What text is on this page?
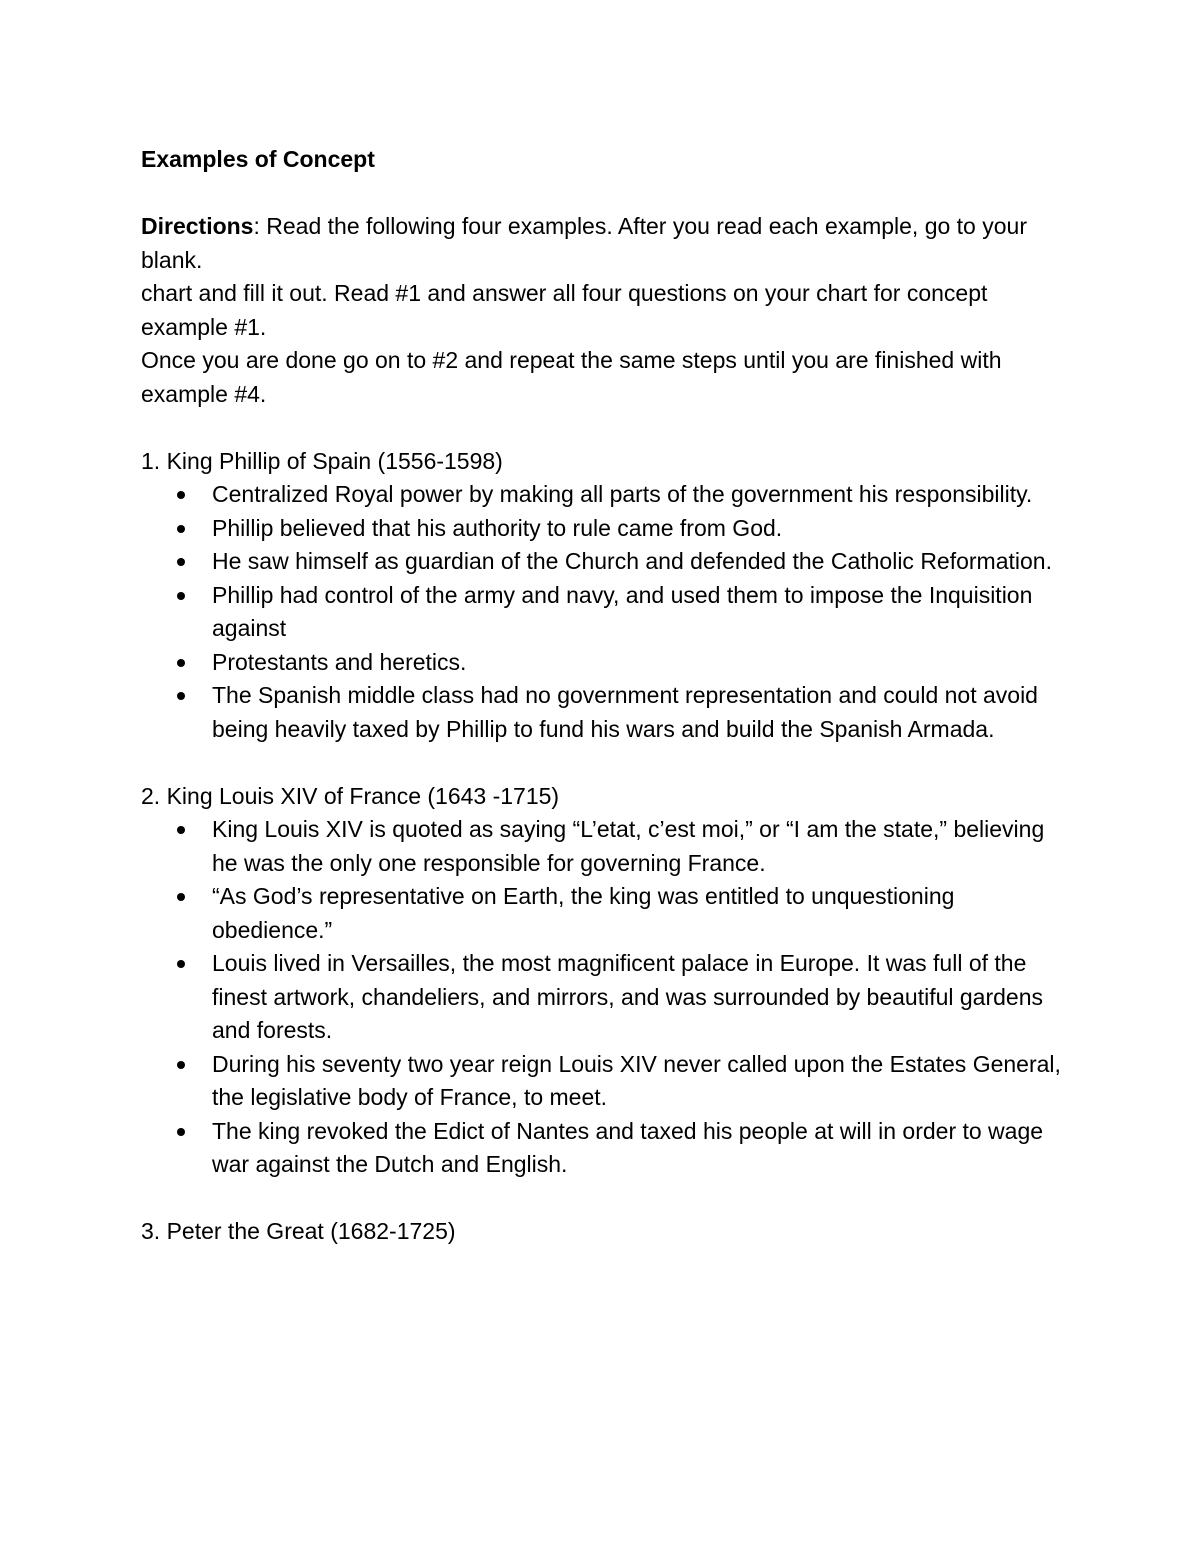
Examples of Concept

Directions: Read the following four examples. After you read each example, go to your blank.

chart and fill it out. Read #1 and answer all four questions on your chart for concept example #1.

Once you are done go on to #2 and repeat the same steps until you are finished with example #4.

1. King Phillip of Spain (1556-1598)

Centralized Royal power by making all parts of the government his responsibility.
Phillip believed that his authority to rule came from God.
He saw himself as guardian of the Church and defended the Catholic Reformation.
Phillip had control of the army and navy, and used them to impose the Inquisition against
Protestants and heretics.
The Spanish middle class had no government representation and could not avoid being heavily taxed by Phillip to fund his wars and build the Spanish Armada.

2. King Louis XIV of France (1643 -1715)

King Louis XIV is quoted as saying “L’etat, c’est moi,” or “I am the state,” believing he was the only one responsible for governing France.
“As God’s representative on Earth, the king was entitled to unquestioning obedience.”
Louis lived in Versailles, the most magnificent palace in Europe. It was full of the finest artwork, chandeliers, and mirrors, and was surrounded by beautiful gardens and forests.
During his seventy two year reign Louis XIV never called upon the Estates General, the legislative body of France, to meet.
The king revoked the Edict of Nantes and taxed his people at will in order to wage war against the Dutch and English.

3. Peter the Great (1682-1725)
